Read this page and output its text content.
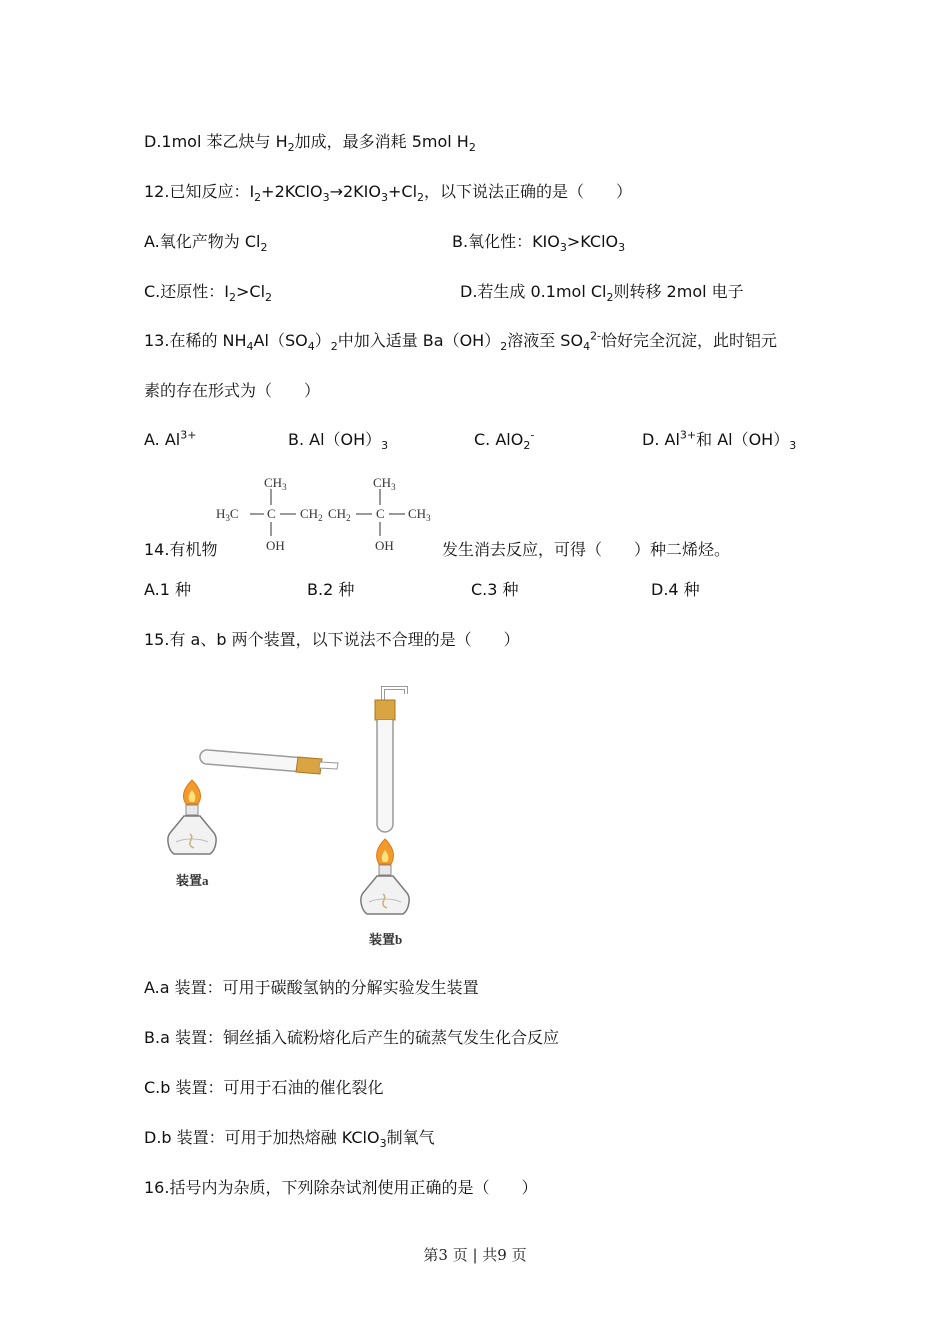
D.1mol 苯乙炔与 $H_2$加成，最多消耗 5mol $H_2$
12.已知反应：$I_2+2KClO_3\to 2KIO_3+Cl_2$，以下说法正确的是（　　）
A.氧化产物为 $Cl_2$	B.氧化性：$KIO_3>KClO_3$
C.还原性：$I_2>Cl_2$	D.若生成 0.1mol $Cl_2$则转移 2mol 电子
13.在稀的 $NH_4Al(SO_4)_2$中加入适量 $Ba(OH)_2$溶液至 $SO_4^{2-}$恰好完全沉淀，此时铝元
素的存在形式为（　　）
A. $Al^{3+}$	B. $Al(OH)_3$	C. AlO$_2$-	D. $Al^{3+}$和 $Al(OH)_3$
14.有机物
$H_3C$ C
$CH_3$
OH
$CH_2$ $CH_2$ C
$CH_3$
OH
$CH_3$
发生消去反应，可得（　　）种二烯烃。
A.1 种	B.2 种	C.3 种	D.4 种
15.有 a、b 两个装置，以下说法不合理的是（　　）
装置a
装置b
A.a 装置：可用于碳酸氢钠的分解实验发生装置
B.a 装置：铜丝插入硫粉熔化后产生的硫蒸气发生化合反应
C.b 装置：可用于石油的催化裂化
D.b 装置：可用于加热熔融 KClO$_3$制氧气
16.括号内为杂质，下列除杂试剂使用正确的是（　　）
第3 页 | 共9 页
